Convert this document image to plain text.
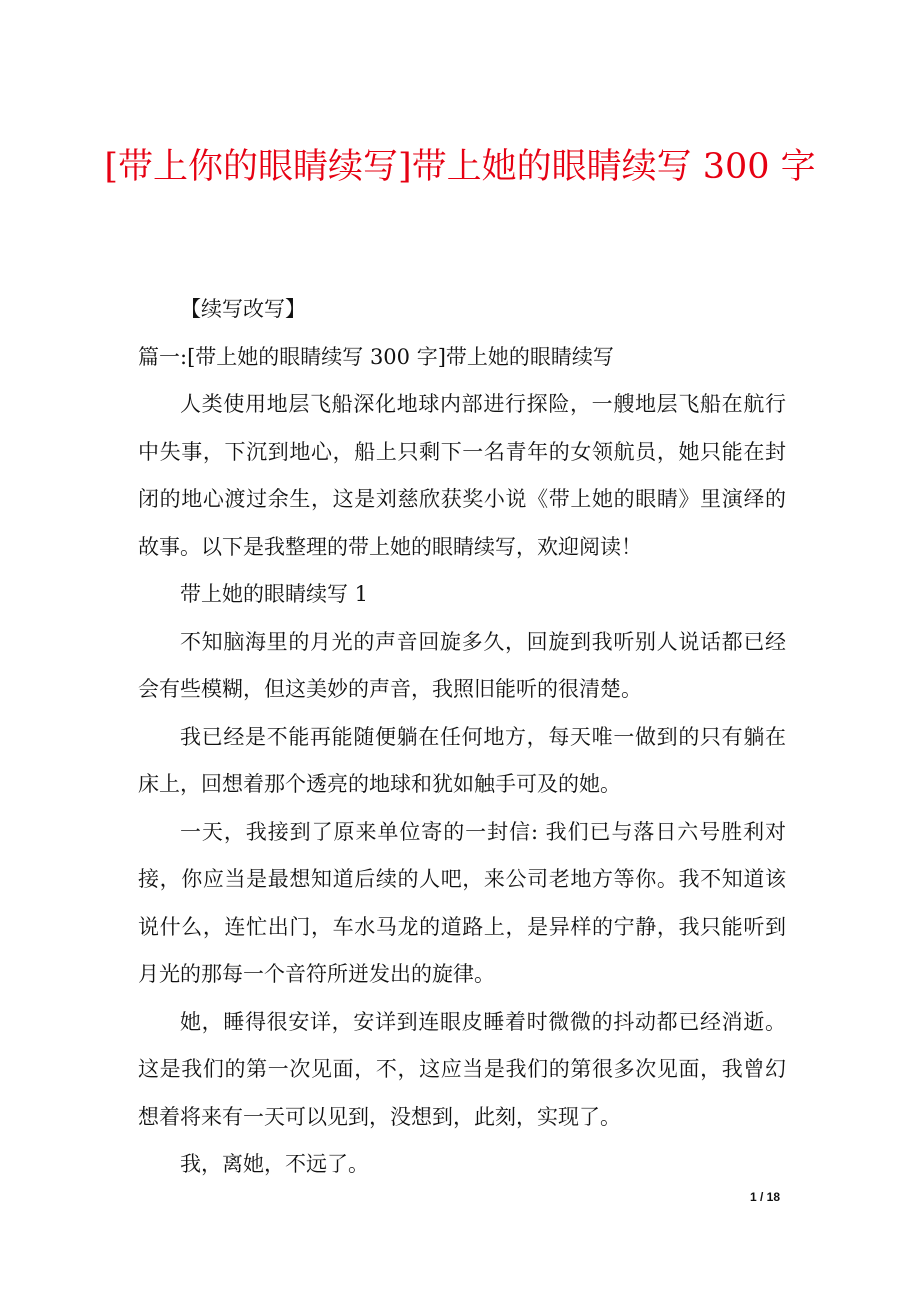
[带上你的眼睛续写]带上她的眼睛续写 300 字

【续写改写】

篇一:[带上她的眼睛续写 300 字]带上她的眼睛续写

人类使用地层飞船深化地球内部进行探险，一艘地层飞船在航行中失事，下沉到地心，船上只剩下一名青年的女领航员，她只能在封闭的地心渡过余生，这是刘慈欣获奖小说《带上她的眼睛》里演绎的故事。以下是我整理的带上她的眼睛续写，欢迎阅读！

带上她的眼睛续写 1

不知脑海里的月光的声音回旋多久，回旋到我听别人说话都已经会有些模糊，但这美妙的声音，我照旧能听的很清楚。

我已经是不能再能随便躺在任何地方，每天唯一做到的只有躺在床上，回想着那个透亮的地球和犹如触手可及的她。

一天，我接到了原来单位寄的一封信: 我们已与落日六号胜利对接，你应当是最想知道后续的人吧，来公司老地方等你。我不知道该说什么，连忙出门，车水马龙的道路上，是异样的宁静，我只能听到月光的那每一个音符所迸发出的旋律。

她，睡得很安详，安详到连眼皮睡着时微微的抖动都已经消逝。这是我们的第一次见面，不，这应当是我们的第很多次见面，我曾幻想着将来有一天可以见到，没想到，此刻，实现了。

我，离她，不远了。

1 / 18
